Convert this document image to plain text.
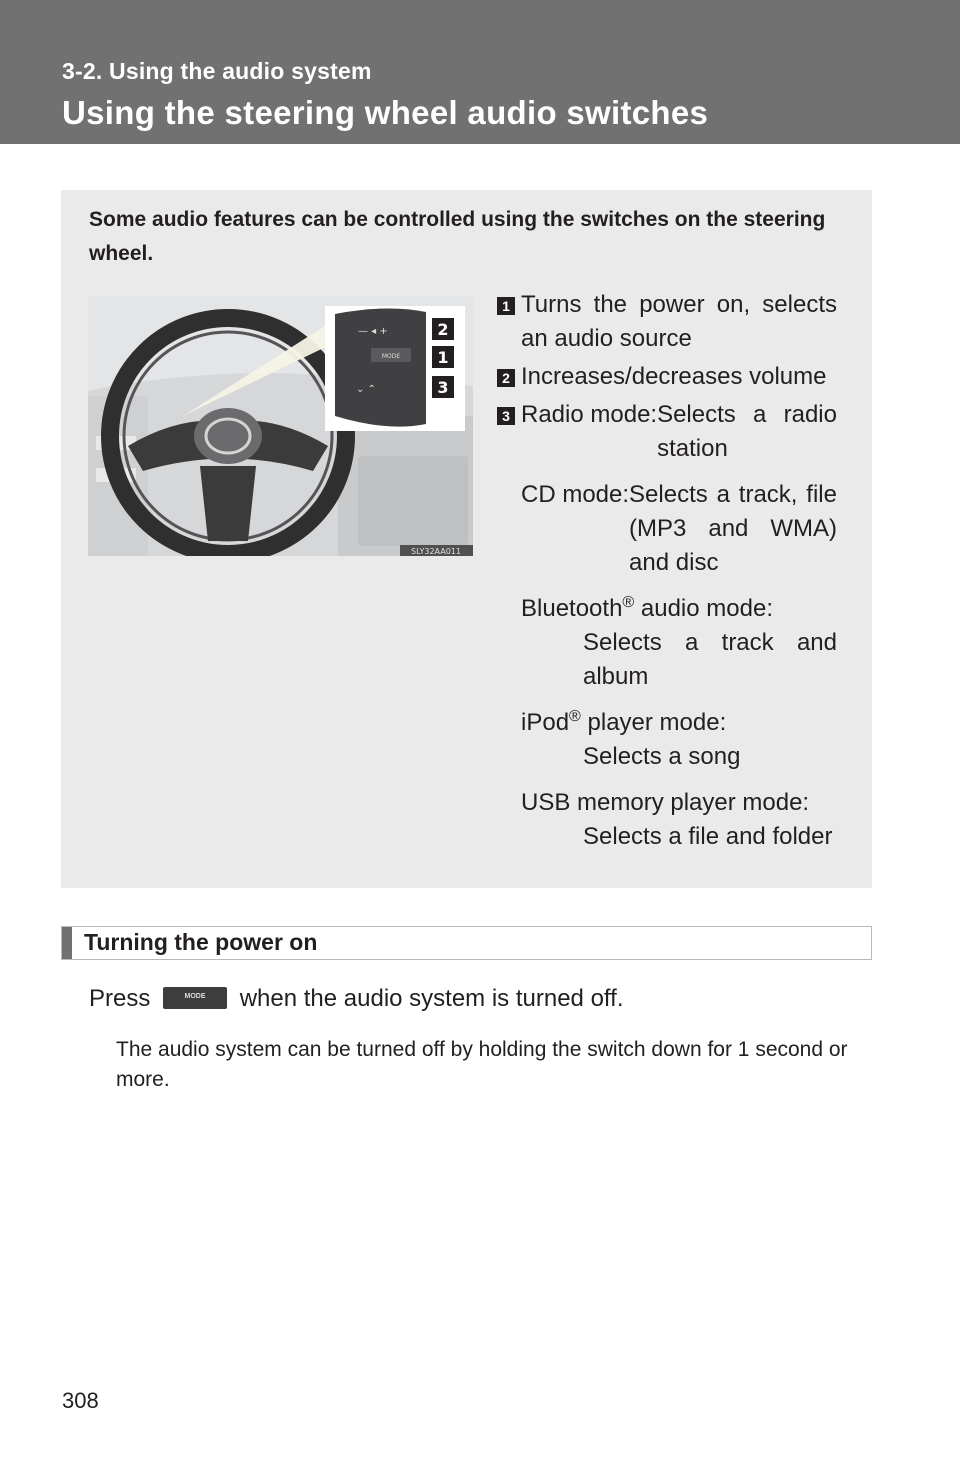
3-2. Using the audio system
Using the steering wheel audio switches
Some audio features can be controlled using the switches on the steering wheel.
— ◂ +
MODE
⌄ ⌃
2
1
3
SLY32AA011
1 Turns the power on, selects an audio source
2 Increases/decreases volume
3 Radio mode: Selects a radio station
CD mode: Selects a track, file (MP3 and WMA) and disc
Bluetooth® audio mode:
Selects a track and album
iPod® player mode:
Selects a song
USB memory player mode:
Selects a file and folder
Turning the power on
Press	MODE	when the audio system is turned off.
The audio system can be turned off by holding the switch down for 1 second or more.
308
